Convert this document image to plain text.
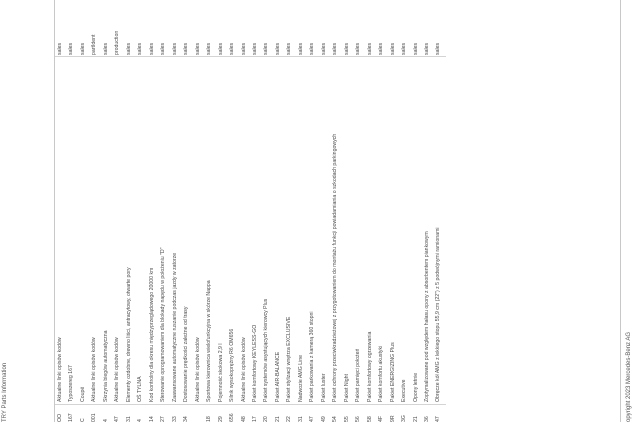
TRY Parts Information	OO
Aktualne linki opisów kodów
sales
167
Typoszereg 167
sales
C
Coupé
sales
001
Aktualne linki opisów kodów
partIdent
4
Skrzynia biegów automatyczna
sales
47
Aktualne linki opisów kodów
production
31
Elementy ozdobne, drewno liści, antracytowy, otwarte pory
sales
4
OŚ TYLNA
sales
14
Kod kontrolny dla okresu międzyprzeglądowego 20000 km
sales
27
Sterowanie oprogramowaniem dla blokady napędu w położeniu "D"
sales
33
Zaawansowane automatyczne ruszanie podczas jazdy w zatorze
sales
34
Dostosowanie prędkości zależne od trasy
sales
Aktualne linki opisów kodów
sales
18
Sportowa kierownica wielofunkcyjna w skórze Nappa
sales
29
Pojemność skokowa 2,9 l
sales
656
Silnik wysokoprężny R6 OM656
sales
48
Aktualne linki opisów kodów
sales
17
Pakiet komfortowy KEYLESS-GO
sales
20
Pakiet systemów asystujących kierowcy Plus
sales
21
Pakiet AIR-BALANCE
sales
22
Pakiet stylizacji wnętrza EXCLUSIVE
sales
31
Nadwozie AMG Line
sales
47
Pakiet parkowania z kamerą 360 stopni
sales
49
Pakiet luster
sales
54
Pakiet ochrony przeciwkradzieżowej z przygotowaniem do montażu funkcji powiadamiania o szkodach parkingowych
sales
55
Pakiet Night
sales
56
Pakiet pamięci położeń
sales
58
Pakiet komfortowy ogrzewania
sales
4F
Pakiet komfortu akustyki
sales
9R
Pakiet ENERGIZING Plus
sales
3G
Executive
sales
21
Opony letnie
sales
36
Zoptymalizowane pod względem hałasu opony z absorbentem piankowym
sales
47
Obręcze kół AMG z lekkiego stopu 55,9 cm (22") z 5 podwójnymi ramionami
sales
opyright 2023 Mercedes-Benz AG
